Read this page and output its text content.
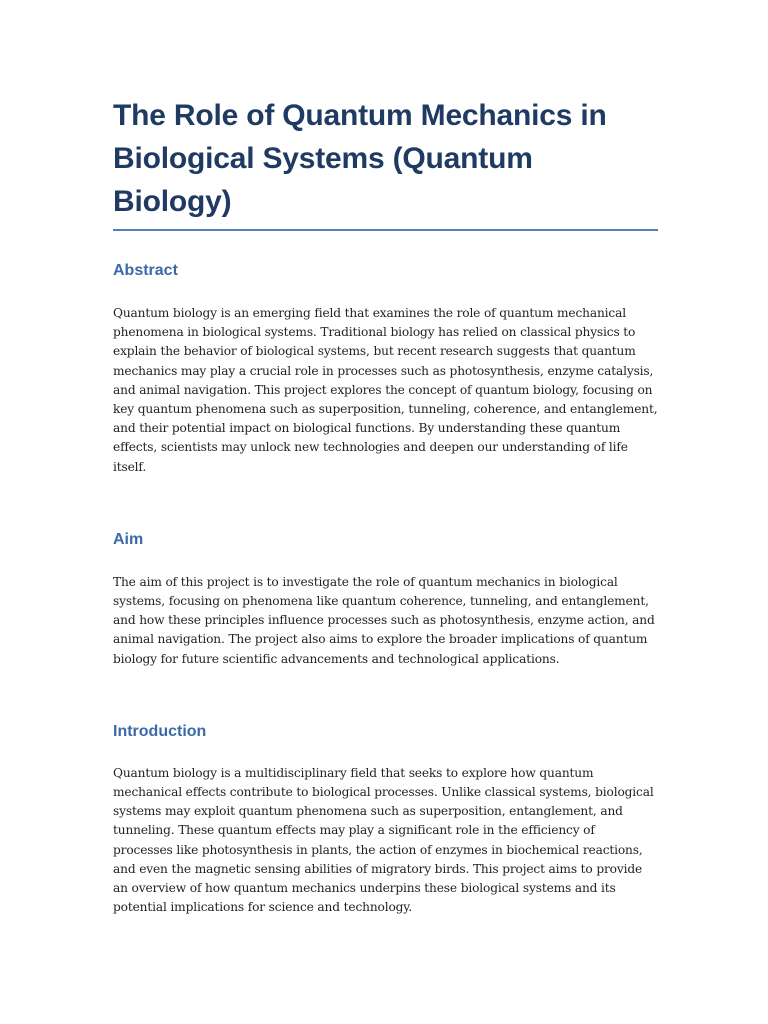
The Role of Quantum Mechanics in Biological Systems (Quantum Biology)
Abstract

Quantum biology is an emerging field that examines the role of quantum mechanical phenomena in biological systems. Traditional biology has relied on classical physics to explain the behavior of biological systems, but recent research suggests that quantum mechanics may play a crucial role in processes such as photosynthesis, enzyme catalysis, and animal navigation. This project explores the concept of quantum biology, focusing on key quantum phenomena such as superposition, tunneling, coherence, and entanglement, and their potential impact on biological functions. By understanding these quantum effects, scientists may unlock new technologies and deepen our understanding of life itself.

Aim

The aim of this project is to investigate the role of quantum mechanics in biological systems, focusing on phenomena like quantum coherence, tunneling, and entanglement, and how these principles influence processes such as photosynthesis, enzyme action, and animal navigation. The project also aims to explore the broader implications of quantum biology for future scientific advancements and technological applications.

Introduction

Quantum biology is a multidisciplinary field that seeks to explore how quantum mechanical effects contribute to biological processes. Unlike classical systems, biological systems may exploit quantum phenomena such as superposition, entanglement, and tunneling. These quantum effects may play a significant role in the efficiency of processes like photosynthesis in plants, the action of enzymes in biochemical reactions, and even the magnetic sensing abilities of migratory birds. This project aims to provide an overview of how quantum mechanics underpins these biological systems and its potential implications for science and technology.
